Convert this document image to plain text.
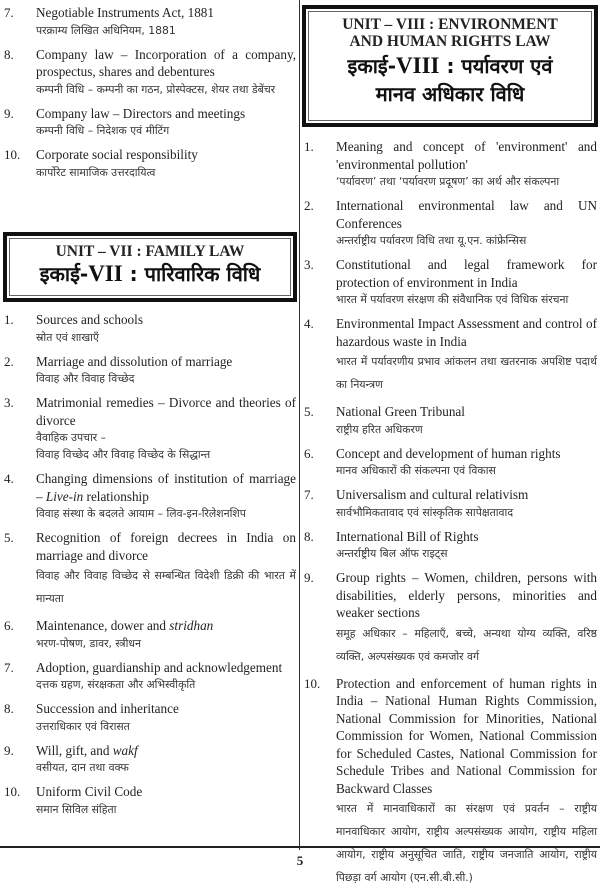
7.	Negotiable Instruments Act, 1881
परक्राम्य लिखित अधिनियम, 1881
8.	Company law – Incorporation of a company, prospectus, shares and debentures
कम्पनी विधि – कम्पनी का गठन, प्रोस्पेक्टस, शेयर तथा डेबेंचर
9.	Company law – Directors and meetings
कम्पनी विधि – निदेशक एवं मीटिंग
10.	Corporate social responsibility
कार्पोरेट सामाजिक उत्तरदायित्व
UNIT – VII : FAMILY LAW
इकाई-VII : पारिवारिक विधि
1.	Sources and schools
स्रोत एवं शाखाएँ
2.	Marriage and dissolution of marriage
विवाह और विवाह विच्छेद
3.	Matrimonial remedies – Divorce and theories of divorce
वैवाहिक उपचार –
विवाह विच्छेद और विवाह विच्छेद के सिद्धान्त
4.	Changing dimensions of institution of marriage – Live-in relationship
विवाह संस्था के बदलते आयाम – लिव-इन-रिलेशनशिप
5.	Recognition of foreign decrees in India on marriage and divorce
विवाह और विवाह विच्छेद से सम्बन्धित विदेशी डिक्री की भारत में मान्यता
6.	Maintenance, dower and stridhan
भरण-पोषण, डावर, स्त्रीधन
7.	Adoption, guardianship and acknowledgement
दत्तक ग्रहण, संरक्षकता और अभिस्वीकृति
8.	Succession and inheritance
उत्तराधिकार एवं विरासत
9.	Will, gift, and wakf
वसीयत, दान तथा वक्फ
10.	Uniform Civil Code
समान सिविल संहिता
UNIT – VIII : ENVIRONMENT
AND HUMAN RIGHTS LAW
इकाई-VIII : पर्यावरण एवं
मानव अधिकार विधि
1.	Meaning and concept of 'environment' and 'environmental pollution'
‘पर्यावरण’ तथा ‘पर्यावरण प्रदूषण’ का अर्थ और संकल्पना
2.	International environmental law and UN Conferences
अन्तर्राष्ट्रीय पर्यावरण विधि तथा यू.एन. कांफ्रेन्सिस
3.	Constitutional and legal framework for protection of environment in India
भारत में पर्यावरण संरक्षण की संवैधानिक एवं विधिक संरचना
4.	Environmental Impact Assessment and control of hazardous waste in India
भारत में पर्यावरणीय प्रभाव आंकलन तथा खतरनाक अपशिष्ट पदार्थ का नियन्त्रण
5.	National Green Tribunal
राष्ट्रीय हरित अधिकरण
6.	Concept and development of human rights
मानव अधिकारों की संकल्पना एवं विकास
7.	Universalism and cultural relativism
सार्वभौमिकतावाद एवं सांस्कृतिक सापेक्षतावाद
8.	International Bill of Rights
अन्तर्राष्ट्रीय बिल ऑफ राइट्स
9.	Group rights – Women, children, persons with disabilities, elderly persons, minorities and weaker sections
समूह अधिकार – महिलाएँ, बच्चे, अन्यथा योग्य व्यक्ति, वरिष्ठ व्यक्ति, अल्पसंख्यक एवं कमजोर वर्ग
10.	Protection and enforcement of human rights in India – National Human Rights Commission, National Commission for Minorities, National Commission for Women, National Commission for Scheduled Castes, National Commission for Schedule Tribes and National Commission for Backward Classes
भारत में मानवाधिकारों का संरक्षण एवं प्रवर्तन – राष्ट्रीय मानवाधिकार आयोग, राष्ट्रीय अल्पसंख्यक आयोग, राष्ट्रीय महिला आयोग, राष्ट्रीय अनुसूचित जाति, राष्ट्रीय जनजाति आयोग, राष्ट्रीय पिछड़ा वर्ग आयोग (एन.सी.बी.सी.)
5
